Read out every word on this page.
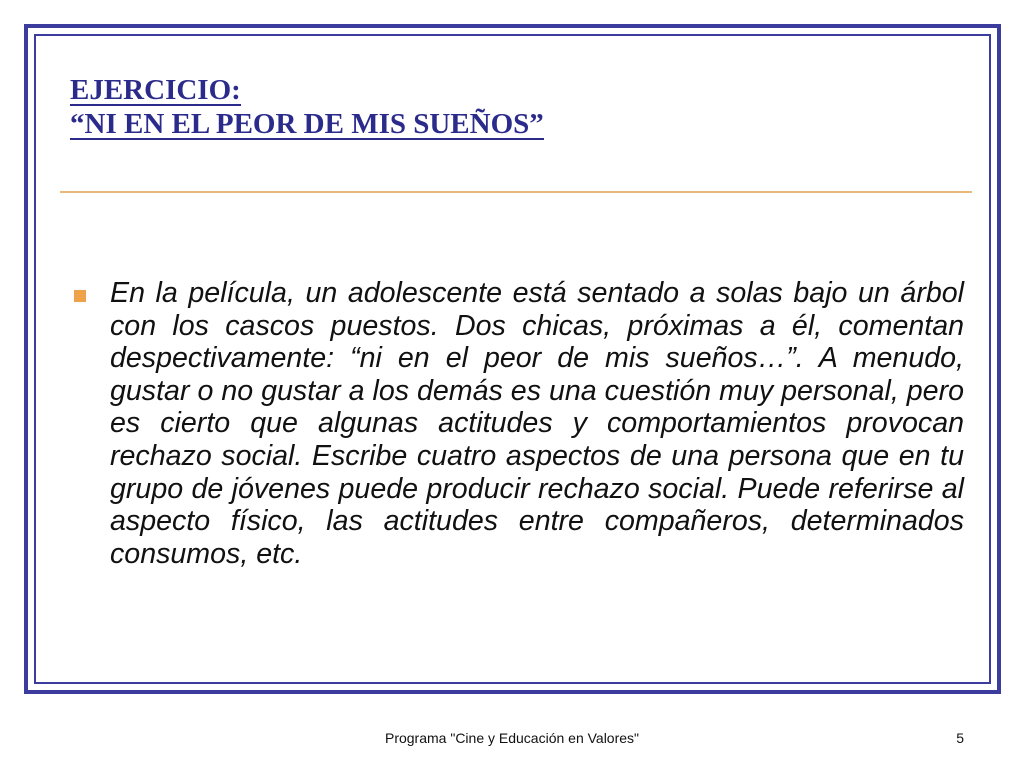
EJERCICIO:
“NI EN EL PEOR DE MIS SUEÑOS”

En la película, un adolescente está sentado a solas bajo un árbol con los cascos puestos. Dos chicas, próximas a él, comentan despectivamente: “ni en el peor de mis sueños…”. A menudo, gustar o no gustar a los demás es una cuestión muy personal, pero es cierto que algunas actitudes y comportamientos provocan rechazo social. Escribe cuatro aspectos de una persona que en tu grupo de jóvenes puede producir rechazo social. Puede referirse al aspecto físico, las actitudes entre compañeros, determinados consumos, etc.

Programa "Cine y Educación en Valores"	5
